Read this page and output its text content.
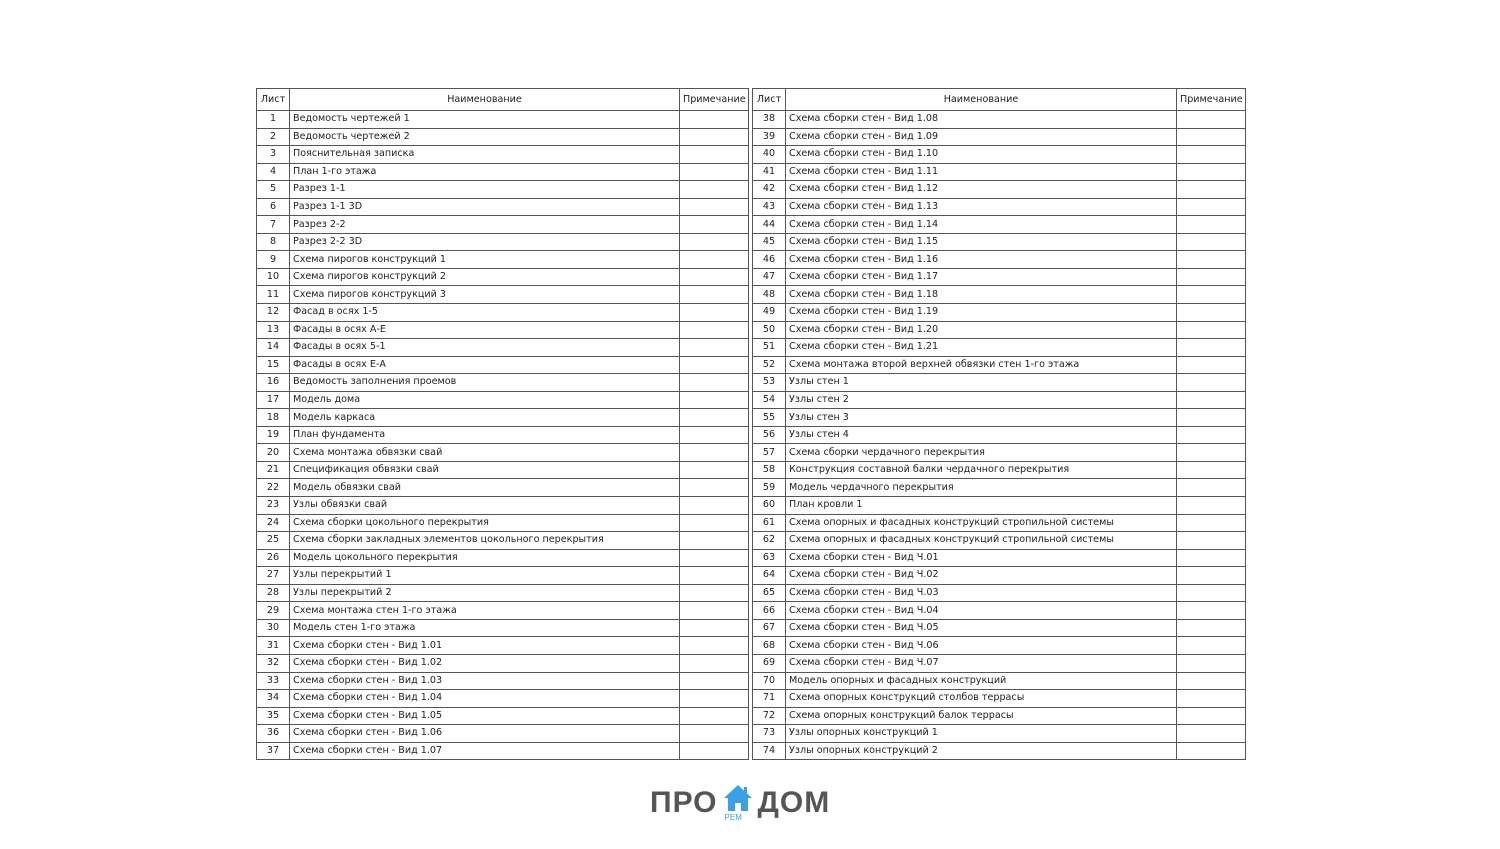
Лист	Наименование	Примечание
1	Ведомость чертежей 1	
2	Ведомость чертежей 2	
3	Пояснительная записка	
4	План 1-го этажа	
5	Разрез 1-1	
6	Разрез 1-1 3D	
7	Разрез 2-2	
8	Разрез 2-2 3D	
9	Схема пирогов конструкций 1	
10	Схема пирогов конструкций 2	
11	Схема пирогов конструкций 3	
12	Фасад в осях 1-5	
13	Фасады в осях А-Е	
14	Фасады в осях 5-1	
15	Фасады в осях Е-А	
16	Ведомость заполнения проемов	
17	Модель дома	
18	Модель каркаса	
19	План фундамента	
20	Схема монтажа обвязки свай	
21	Спецификация обвязки свай	
22	Модель обвязки свай	
23	Узлы обвязки свай	
24	Схема сборки цокольного перекрытия	
25	Схема сборки закладных элементов цокольного перекрытия	
26	Модель цокольного перекрытия	
27	Узлы перекрытий 1	
28	Узлы перекрытий 2	
29	Схема монтажа стен 1-го этажа	
30	Модель стен 1-го этажа	
31	Схема сборки стен - Вид 1.01	
32	Схема сборки стен - Вид 1.02	
33	Схема сборки стен - Вид 1.03	
34	Схема сборки стен - Вид 1.04	
35	Схема сборки стен - Вид 1.05	
36	Схема сборки стен - Вид 1.06	
37	Схема сборки стен - Вид 1.07	
Лист	Наименование	Примечание
38	Схема сборки стен - Вид 1.08	
39	Схема сборки стен - Вид 1.09	
40	Схема сборки стен - Вид 1.10	
41	Схема сборки стен - Вид 1.11	
42	Схема сборки стен - Вид 1.12	
43	Схема сборки стен - Вид 1.13	
44	Схема сборки стен - Вид 1.14	
45	Схема сборки стен - Вид 1.15	
46	Схема сборки стен - Вид 1.16	
47	Схема сборки стен - Вид 1.17	
48	Схема сборки стен - Вид 1.18	
49	Схема сборки стен - Вид 1.19	
50	Схема сборки стен - Вид 1.20	
51	Схема сборки стен - Вид 1.21	
52	Схема монтажа второй верхней обвязки стен 1-го этажа	
53	Узлы стен 1	
54	Узлы стен 2	
55	Узлы стен 3	
56	Узлы стен 4	
57	Схема сборки чердачного перекрытия	
58	Конструкция составной балки чердачного перекрытия	
59	Модель чердачного перекрытия	
60	План кровли 1	
61	Схема опорных и фасадных конструкций стропильной системы	
62	Схема опорных и фасадных конструкций стропильной системы	
63	Схема сборки стен - Вид Ч.01	
64	Схема сборки стен - Вид Ч.02	
65	Схема сборки стен - Вид Ч.03	
66	Схема сборки стен - Вид Ч.04	
67	Схема сборки стен - Вид Ч.05	
68	Схема сборки стен - Вид Ч.06	
69	Схема сборки стен - Вид Ч.07	
70	Модель опорных и фасадных конструкций	
71	Схема опорных конструкций столбов террасы	
72	Схема опорных конструкций балок террасы	
73	Узлы опорных конструкций 1	
74	Узлы опорных конструкций 2	
ПРО РЕМ ДОМ
